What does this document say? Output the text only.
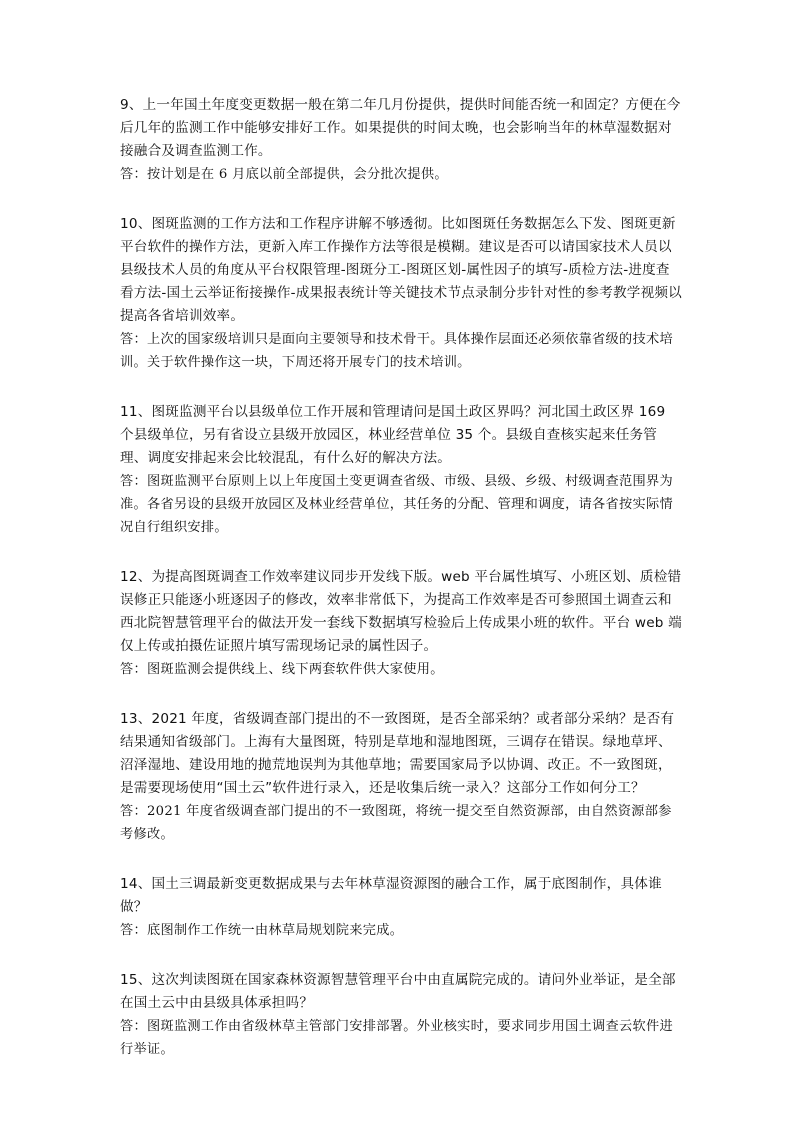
9、上一年国土年度变更数据一般在第二年几月份提供，提供时间能否统一和固定？方便在今后几年的监测工作中能够安排好工作。如果提供的时间太晚，也会影响当年的林草湿数据对接融合及调查监测工作。

答：按计划是在 6 月底以前全部提供，会分批次提供。

10、图斑监测的工作方法和工作程序讲解不够透彻。比如图斑任务数据怎么下发、图斑更新平台软件的操作方法，更新入库工作操作方法等很是模糊。建议是否可以请国家技术人员以县级技术人员的角度从平台权限管理-图斑分工-图斑区划-属性因子的填写-质检方法-进度查看方法-国土云举证衔接操作-成果报表统计等关键技术节点录制分步针对性的参考教学视频以提高各省培训效率。

答：上次的国家级培训只是面向主要领导和技术骨干。具体操作层面还必须依靠省级的技术培训。关于软件操作这一块，下周还将开展专门的技术培训。

11、图斑监测平台以县级单位工作开展和管理请问是国土政区界吗？河北国土政区界 169 个县级单位，另有省设立县级开放园区，林业经营单位 35 个。县级自查核实起来任务管理、调度安排起来会比较混乱，有什么好的解决方法。

答：图斑监测平台原则上以上年度国土变更调查省级、市级、县级、乡级、村级调查范围界为准。各省另设的县级开放园区及林业经营单位，其任务的分配、管理和调度，请各省按实际情况自行组织安排。

12、为提高图斑调查工作效率建议同步开发线下版。web 平台属性填写、小班区划、质检错误修正只能逐小班逐因子的修改，效率非常低下，为提高工作效率是否可参照国土调查云和西北院智慧管理平台的做法开发一套线下数据填写检验后上传成果小班的软件。平台 web 端仅上传或拍摄佐证照片填写需现场记录的属性因子。

答：图斑监测会提供线上、线下两套软件供大家使用。

13、2021 年度，省级调查部门提出的不一致图斑，是否全部采纳？或者部分采纳？是否有结果通知省级部门。上海有大量图斑，特别是草地和湿地图斑，三调存在错误。绿地草坪、沼泽湿地、建设用地的抛荒地误判为其他草地；需要国家局予以协调、改正。不一致图斑，是需要现场使用“国土云”软件进行录入，还是收集后统一录入？这部分工作如何分工？

答：2021 年度省级调查部门提出的不一致图斑，将统一提交至自然资源部，由自然资源部参考修改。

14、国土三调最新变更数据成果与去年林草湿资源图的融合工作，属于底图制作，具体谁做？

答：底图制作工作统一由林草局规划院来完成。

15、这次判读图斑在国家森林资源智慧管理平台中由直属院完成的。请问外业举证，是全部在国土云中由县级具体承担吗？

答：图斑监测工作由省级林草主管部门安排部署。外业核实时，要求同步用国土调查云软件进行举证。
